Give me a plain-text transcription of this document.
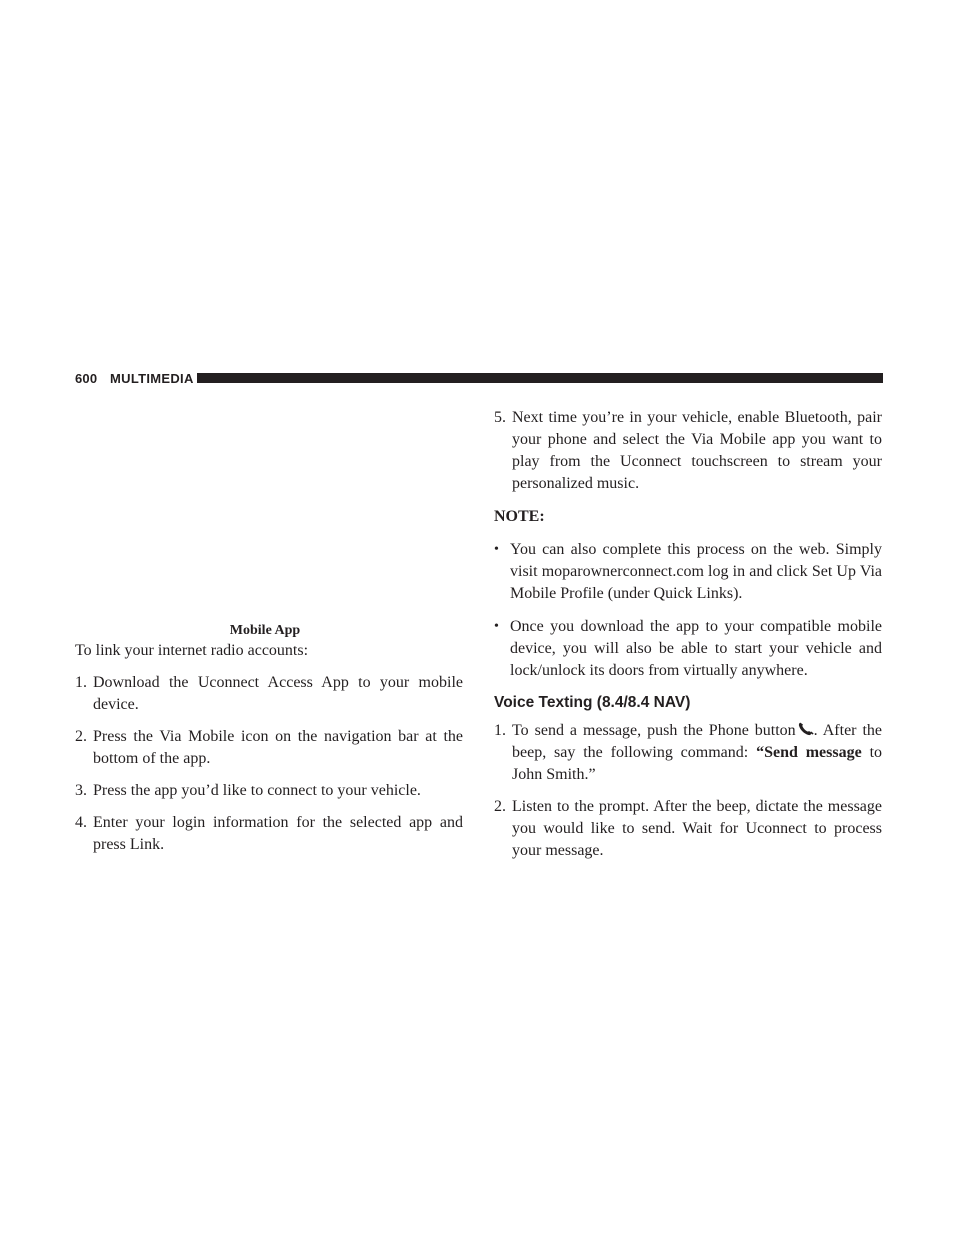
600 MULTIMEDIA
Mobile App

To link your internet radio accounts:

1. Download the Uconnect Access App to your mobile device.
2. Press the Via Mobile icon on the navigation bar at the bottom of the app.
3. Press the app you’d like to connect to your vehicle.
4. Enter your login information for the selected app and press Link.
5. Next time you’re in your vehicle, enable Bluetooth, pair your phone and select the Via Mobile app you want to play from the Uconnect touchscreen to stream your personalized music.

NOTE:

• You can also complete this process on the web. Simply visit moparownerconnect.com log in and click Set Up Via Mobile Profile (under Quick Links).
• Once you download the app to your compatible mobile device, you will also be able to start your vehicle and lock/unlock its doors from virtually anywhere.
Voice Texting (8.4/8.4 NAV)
1. To send a message, push the Phone button . After the beep, say the following command: “Send message to John Smith.”
2. Listen to the prompt. After the beep, dictate the message you would like to send. Wait for Uconnect to process your message.
